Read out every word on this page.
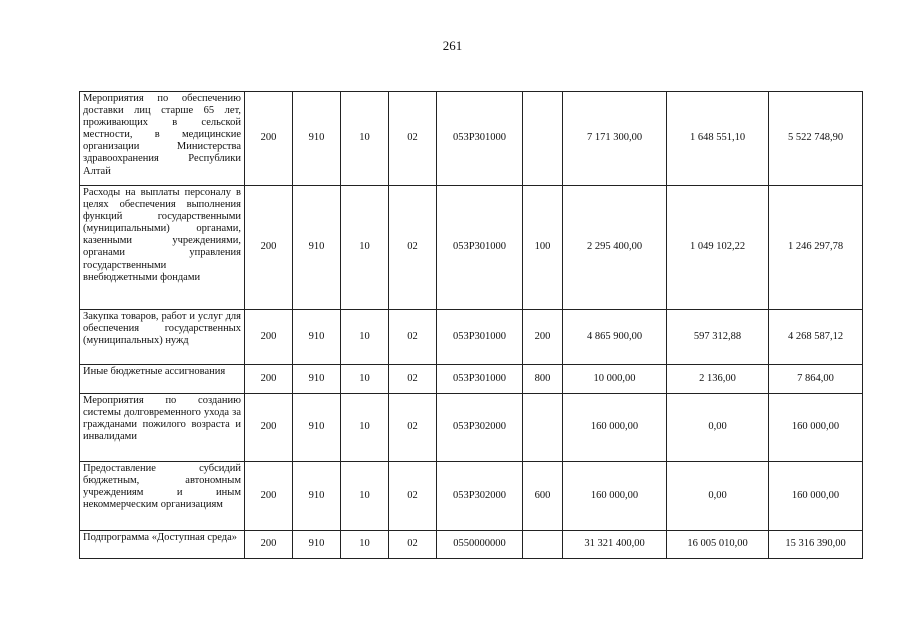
261
Мероприятия по обеспечению доставки лиц старше 65 лет, проживающих в сельской местности, в медицинские организации Министерства здравоохранения Республики Алтай	200	910	10	02	053P301000		7 171 300,00	1 648 551,10	5 522 748,90

Расходы на выплаты персоналу в целях обеспечения выполнения функций государственными (муниципальными) органами, казенными учреждениями, органами управления государственными внебюджетными фондами	200	910	10	02	053P301000	100	2 295 400,00	1 049 102,22	1 246 297,78

Закупка товаров, работ и услуг для обеспечения государственных (муниципальных) нужд	200	910	10	02	053P301000	200	4 865 900,00	597 312,88	4 268 587,12

Иные бюджетные ассигнования	200	910	10	02	053P301000	800	10 000,00	2 136,00	7 864,00

Мероприятия по созданию системы долговременного ухода за гражданами пожилого возраста и инвалидами	200	910	10	02	053P302000		160 000,00	0,00	160 000,00

Предоставление субсидий бюджетным, автономным учреждениям и иным некоммерческим организациям	200	910	10	02	053P302000	600	160 000,00	0,00	160 000,00

Подпрограмма «Доступная среда»	200	910	10	02	0550000000		31 321 400,00	16 005 010,00	15 316 390,00
